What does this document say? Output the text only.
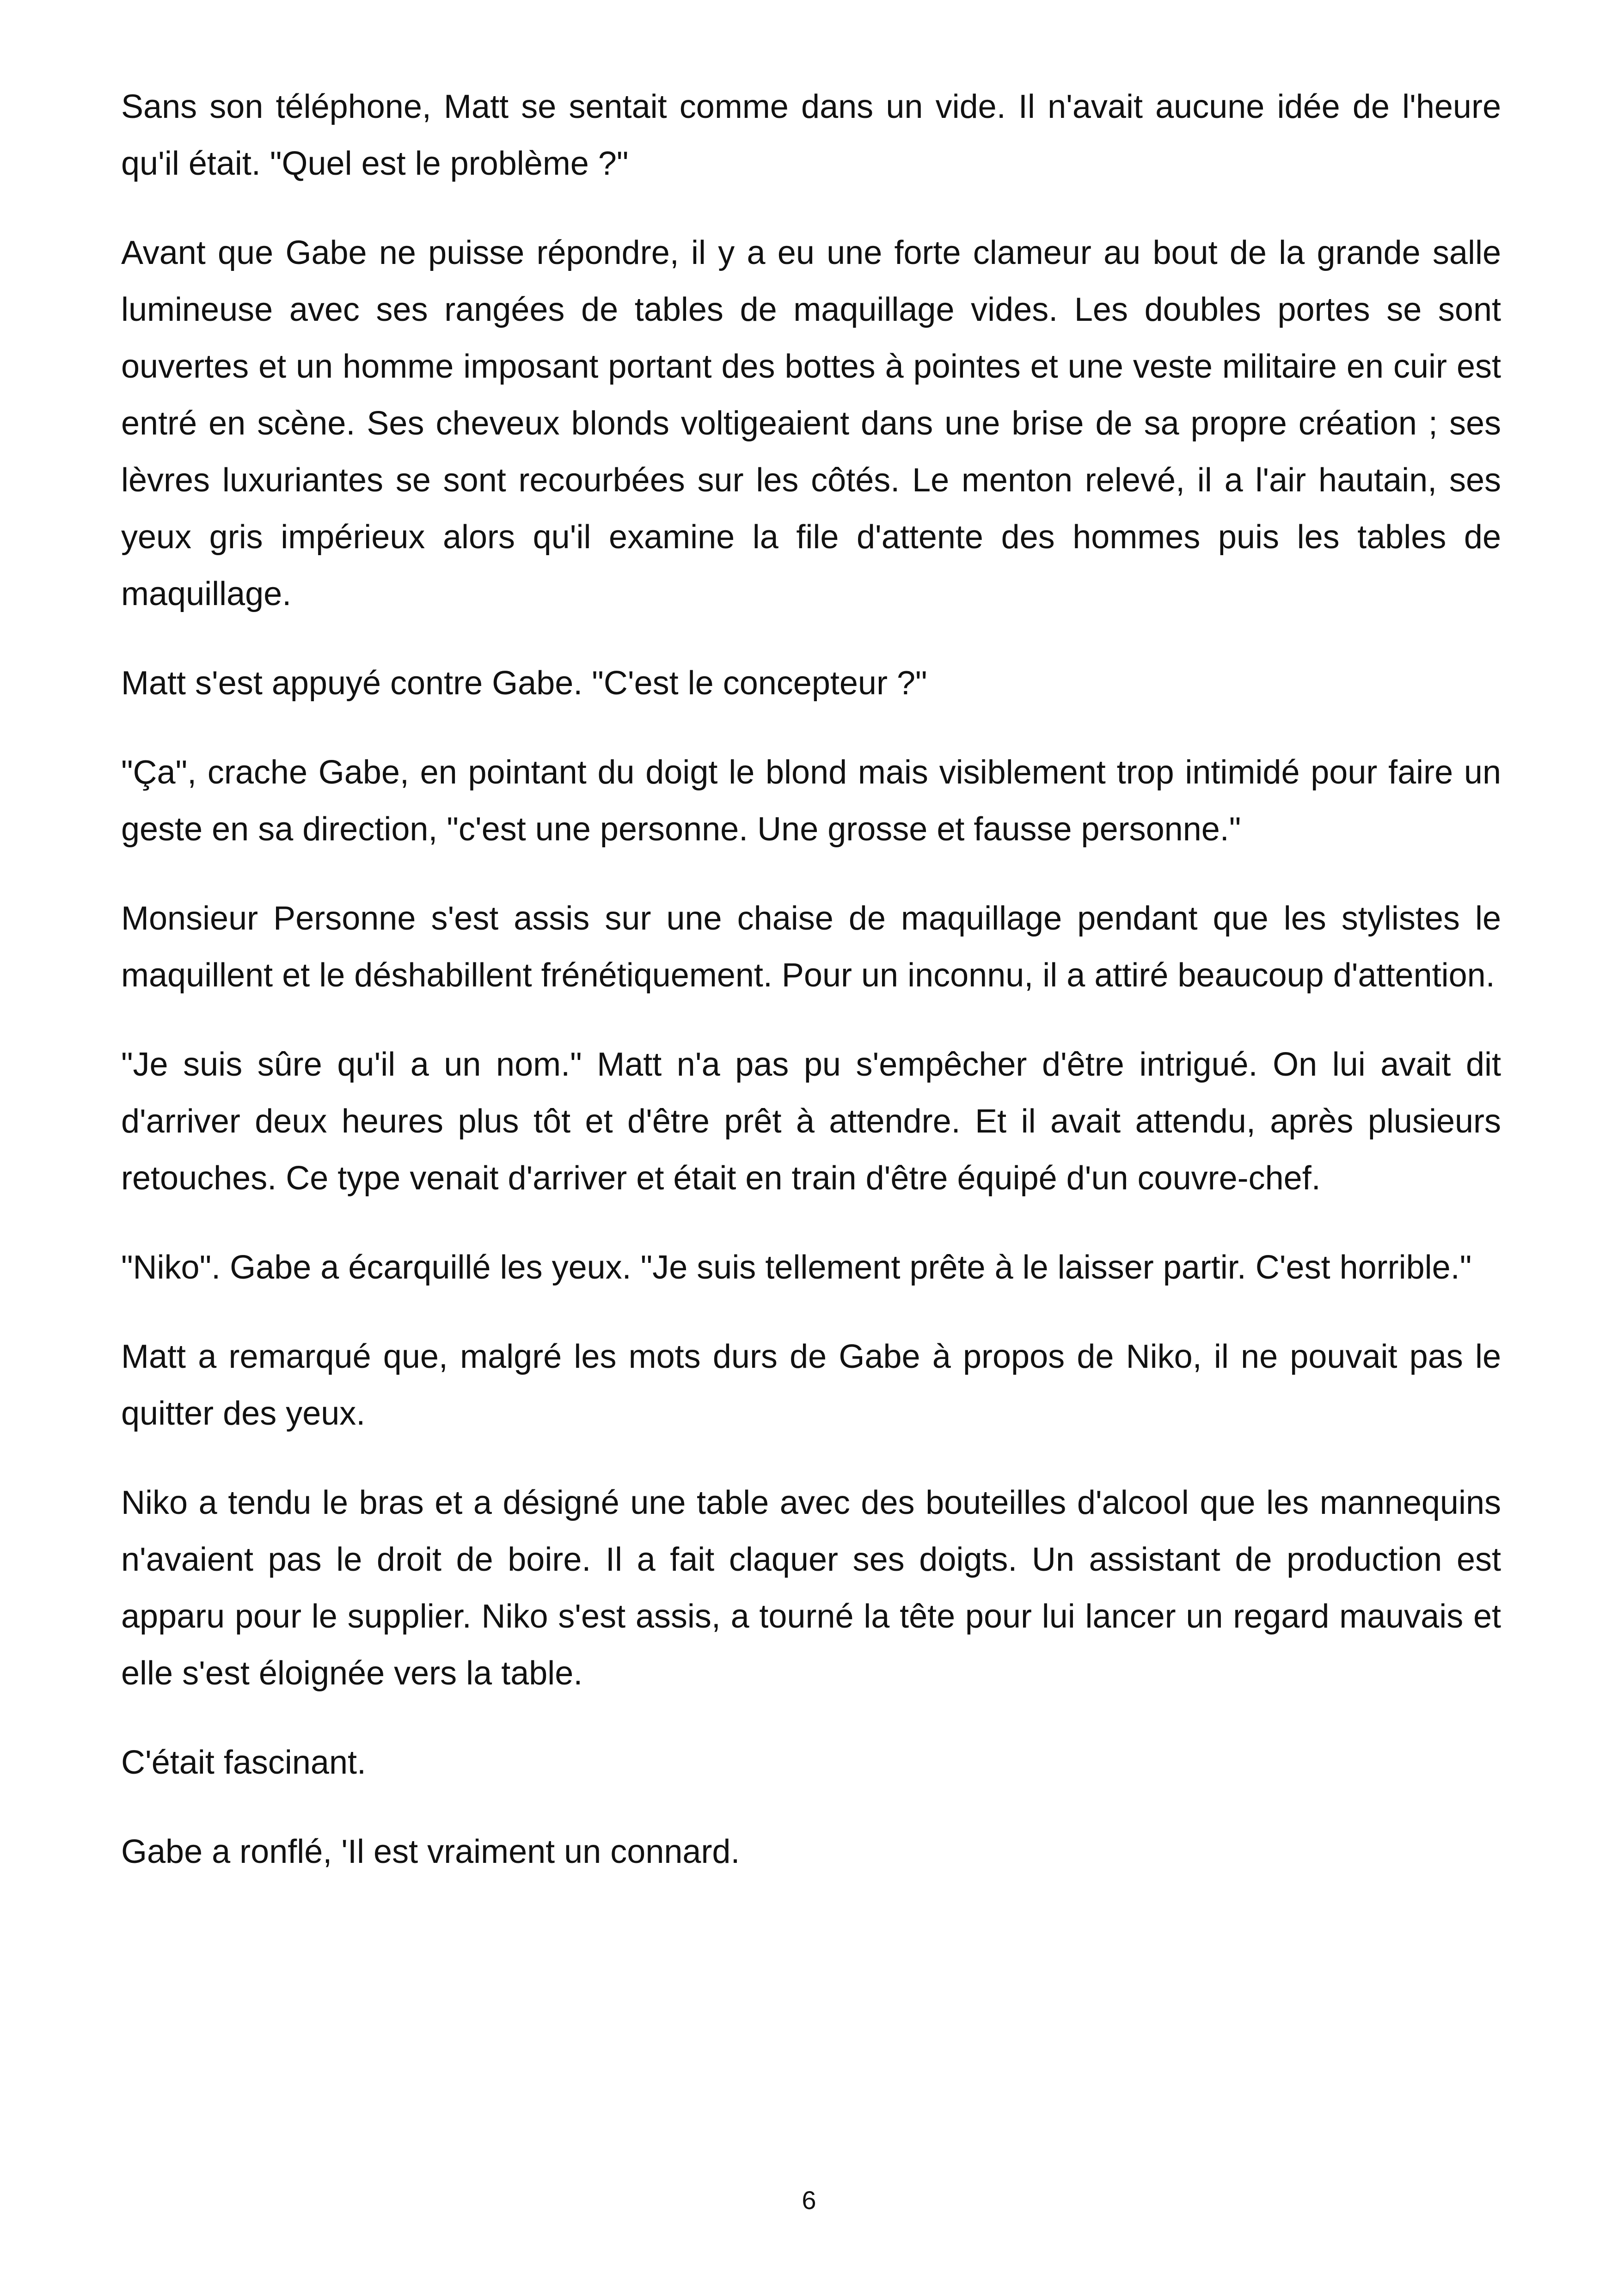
Sans son téléphone, Matt se sentait comme dans un vide. Il n'avait aucune idée de l'heure qu'il était. "Quel est le problème ?"

Avant que Gabe ne puisse répondre, il y a eu une forte clameur au bout de la grande salle lumineuse avec ses rangées de tables de maquillage vides. Les doubles portes se sont ouvertes et un homme imposant portant des bottes à pointes et une veste militaire en cuir est entré en scène. Ses cheveux blonds voltigeaient dans une brise de sa propre création ; ses lèvres luxuriantes se sont recourbées sur les côtés. Le menton relevé, il a l'air hautain, ses yeux gris impérieux alors qu'il examine la file d'attente des hommes puis les tables de maquillage.

Matt s'est appuyé contre Gabe. "C'est le concepteur ?"

"Ça", crache Gabe, en pointant du doigt le blond mais visiblement trop intimidé pour faire un geste en sa direction, "c'est une personne. Une grosse et fausse personne."

Monsieur Personne s'est assis sur une chaise de maquillage pendant que les stylistes le maquillent et le déshabillent frénétiquement. Pour un inconnu, il a attiré beaucoup d'attention.

"Je suis sûre qu'il a un nom." Matt n'a pas pu s'empêcher d'être intrigué. On lui avait dit d'arriver deux heures plus tôt et d'être prêt à attendre. Et il avait attendu, après plusieurs retouches. Ce type venait d'arriver et était en train d'être équipé d'un couvre-chef.

"Niko". Gabe a écarquillé les yeux. "Je suis tellement prête à le laisser partir. C'est horrible."

Matt a remarqué que, malgré les mots durs de Gabe à propos de Niko, il ne pouvait pas le quitter des yeux.

Niko a tendu le bras et a désigné une table avec des bouteilles d'alcool que les mannequins n'avaient pas le droit de boire. Il a fait claquer ses doigts. Un assistant de production est apparu pour le supplier. Niko s'est assis, a tourné la tête pour lui lancer un regard mauvais et elle s'est éloignée vers la table.

C'était fascinant.

Gabe a ronflé, 'Il est vraiment un connard.

6
